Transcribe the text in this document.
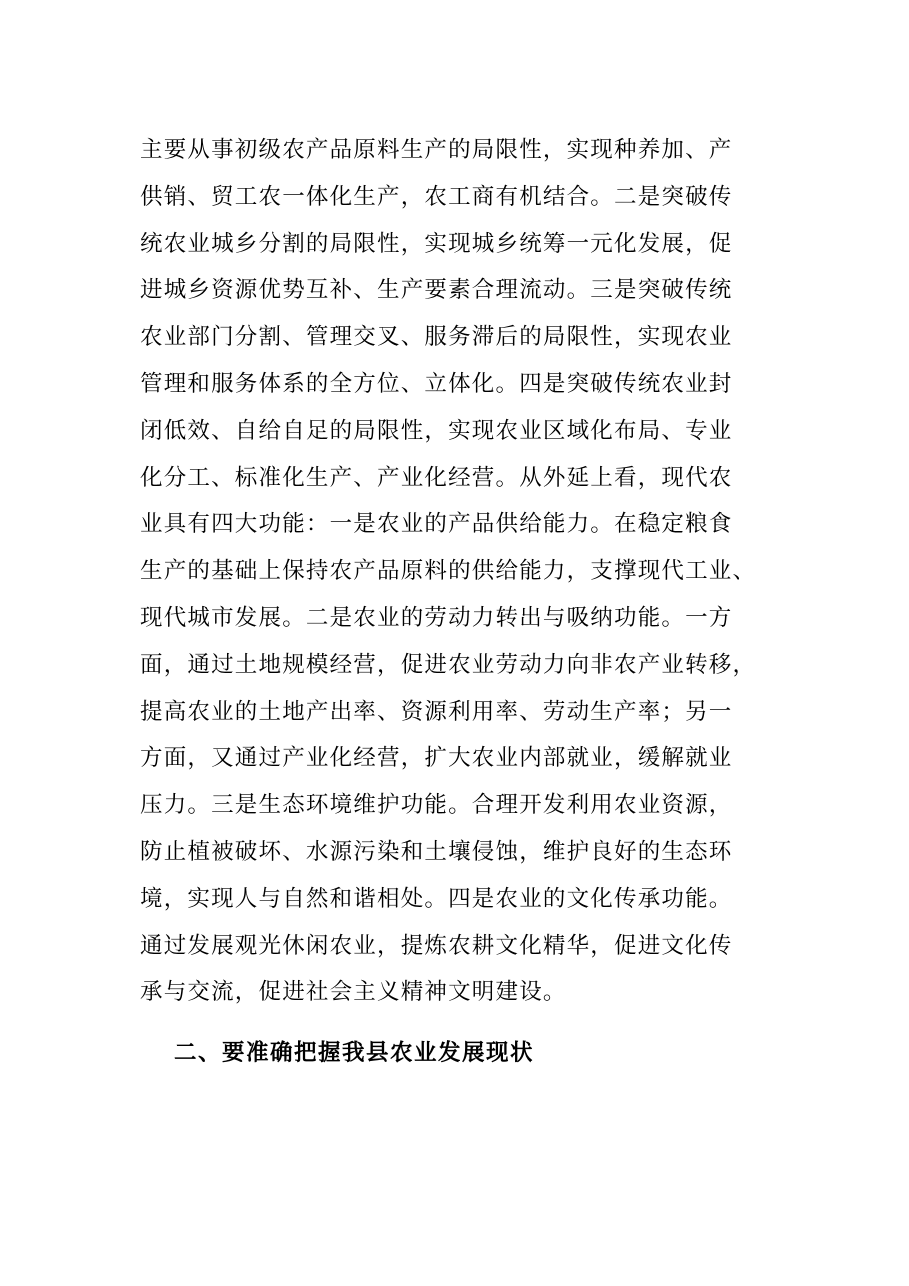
主要从事初级农产品原料生产的局限性，实现种养加、产
供销、贸工农一体化生产，农工商有机结合。二是突破传
统农业城乡分割的局限性，实现城乡统筹一元化发展，促
进城乡资源优势互补、生产要素合理流动。三是突破传统
农业部门分割、管理交叉、服务滞后的局限性，实现农业
管理和服务体系的全方位、立体化。四是突破传统农业封
闭低效、自给自足的局限性，实现农业区域化布局、专业
化分工、标准化生产、产业化经营。从外延上看，现代农
业具有四大功能：一是农业的产品供给能力。在稳定粮食
生产的基础上保持农产品原料的供给能力，支撑现代工业、
现代城市发展。二是农业的劳动力转出与吸纳功能。一方
面，通过土地规模经营，促进农业劳动力向非农产业转移，
提高农业的土地产出率、资源利用率、劳动生产率；另一
方面，又通过产业化经营，扩大农业内部就业，缓解就业
压力。三是生态环境维护功能。合理开发利用农业资源，
防止植被破坏、水源污染和土壤侵蚀，维护良好的生态环
境，实现人与自然和谐相处。四是农业的文化传承功能。
通过发展观光休闲农业，提炼农耕文化精华，促进文化传
承与交流，促进社会主义精神文明建设。
二、要准确把握我县农业发展现状
